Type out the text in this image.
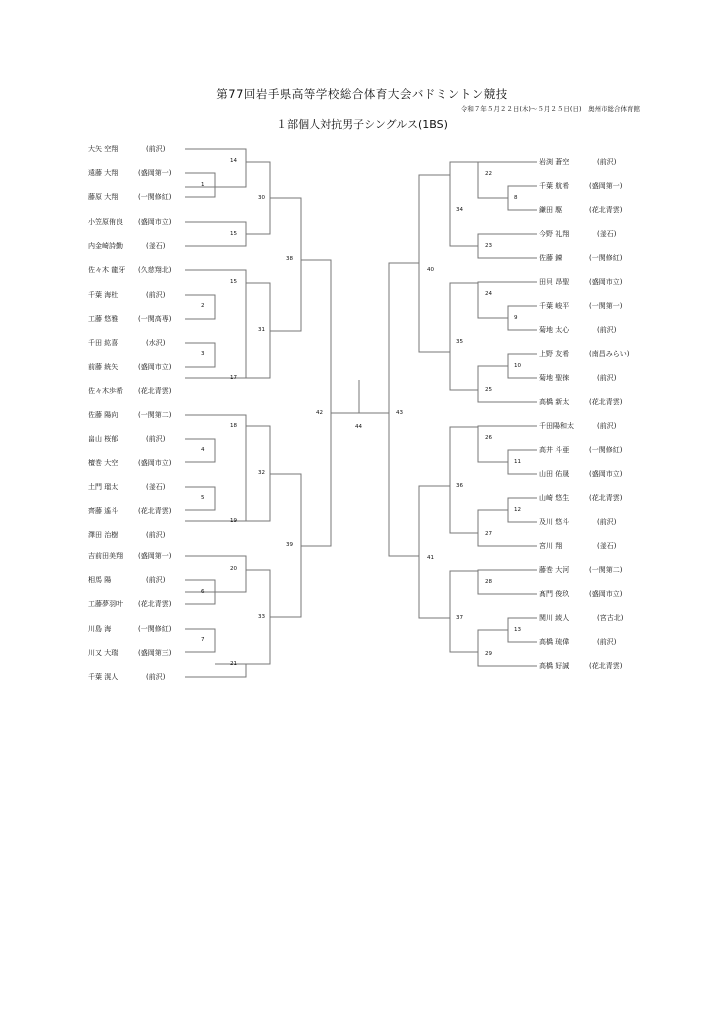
第77回岩手県高等学校総合体育大会バドミントン競技
令和７年５月２２日(木)～５月２５日(日)　奥州市総合体育館
１部個人対抗男子シングルス(1BS)
大矢 空翔	(前沢)
遠藤 大翔	(盛岡第一)
藤原 大翔	(一関修紅)
小笠原侑良 (盛岡市立)
内金崎詩勤	(釜石)
佐々木 龍牙 (久慈翔北)
千葉 海杜	(前沢)
工藤 悠雅	(一関高専)
千田 紘喜	(水沢)
前藤 統矢	(盛岡市立)
佐々木歩希 (花北青雲)
佐藤 陽向	(一関第二)
畠山 桜郁	(前沢)
檀巻 大空	(盛岡市立)
土門 瑠太	(釜石)
齊藤 遙斗	(花北青雲)
澤田 治樹	(前沢)
吉前田美翔 (盛岡第一)
相馬 陽	(前沢)
工藤夢羽叶 (花北青雲)
川島 海	(一関修紅)
川又 大瑞	(盛岡第三)
千葉 滉人	(前沢)
岩渕 蒼空	(前沢)
千葉 航希	(盛岡第一)
鎌田 駆	(花北青雲)
今野 礼翔	(釜石)
佐藤 錬	(一関修紅)
田貝 昂聖	(盛岡市立)
千葉 峻平	(一関第一)
菊地 太心	(前沢)
上野 友希	(南昌みらい)
菊地 聖徠	(前沢)
高橋 新太	(花北青雲)
千田陽和太	(前沢)
高井 斗亜	(一関修紅)
山田 佑晟	(盛岡市立)
山崎 悠生	(花北青雲)
及川 悠斗	(前沢)
宮川 翔	(釜石)
藤巻 大河	(一関第二)
髙門 俊玖	(盛岡市立)
関川 綾人	(宮古北)
高橋 琉偉	(前沢)
高橋 好誠	(花北青雲)
1
2
3
4
5
6
7
14
15
15
17
18
19
20
21
30
31
32
33
38
39
42
8
9
10
11
12
13
22
23
24
25
26
27
28
29
34
35
36
37
40
41
43
44
